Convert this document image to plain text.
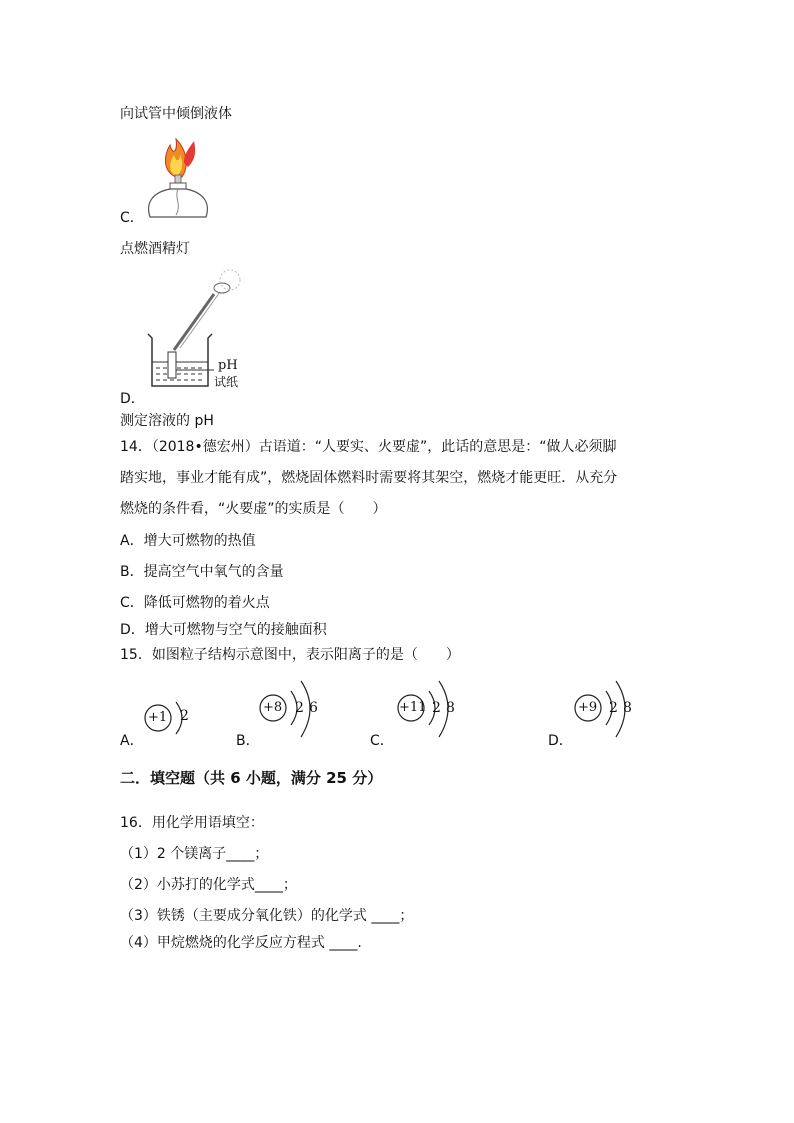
向试管中倾倒液体
C．
点燃酒精灯
pH
试纸
D．
测定溶液的 pH
14．（2018•德宏州）古语道：“人要实、火要虚”，此话的意思是：“做人必须脚
踏实地，事业才能有成”，燃烧固体燃料时需要将其架空，燃烧才能更旺．从充分
燃烧的条件看，“火要虚”的实质是（　　）
A．增大可燃物的热值
B．提高空气中氧气的含量
C．降低可燃物的着火点
D．增大可燃物与空气的接触面积
15．如图粒子结构示意图中，表示阳离子的是（　　）
+1 2
A．
+8 2 6
B．
+11 2 8
C．
+9 2 8
D．
二．填空题（共 6 小题，满分 25 分）
16．用化学用语填空：
（1）2 个镁离子____；
（2）小苏打的化学式____；
（3）铁锈（主要成分氧化铁）的化学式 ____；
（4）甲烷燃烧的化学反应方程式 ____.
